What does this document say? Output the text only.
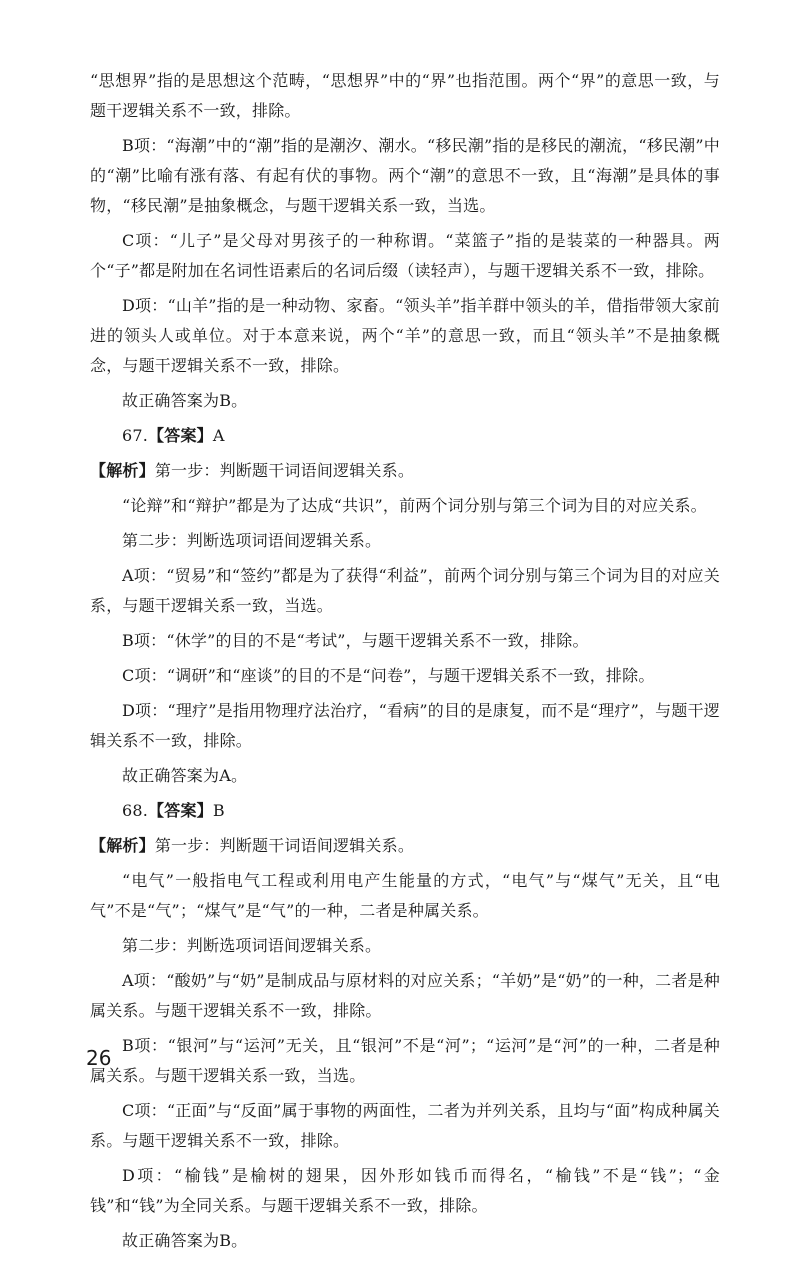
“思想界”指的是思想这个范畴，“思想界”中的“界”也指范围。两个“界”的意思一致，与题干逻辑关系不一致，排除。

B项：“海潮”中的“潮”指的是潮汐、潮水。“移民潮”指的是移民的潮流，“移民潮”中的“潮”比喻有涨有落、有起有伏的事物。两个“潮”的意思不一致，且“海潮”是具体的事物，“移民潮”是抽象概念，与题干逻辑关系一致，当选。

C项：“儿子”是父母对男孩子的一种称谓。“菜篮子”指的是装菜的一种器具。两个“子”都是附加在名词性语素后的名词后缀（读轻声），与题干逻辑关系不一致，排除。

D项：“山羊”指的是一种动物、家畜。“领头羊”指羊群中领头的羊，借指带领大家前进的领头人或单位。对于本意来说，两个“羊”的意思一致，而且“领头羊”不是抽象概念，与题干逻辑关系不一致，排除。

故正确答案为B。

67.【答案】A

【解析】第一步：判断题干词语间逻辑关系。

“论辩”和“辩护”都是为了达成“共识”，前两个词分别与第三个词为目的对应关系。

第二步：判断选项词语间逻辑关系。

A项：“贸易”和“签约”都是为了获得“利益”，前两个词分别与第三个词为目的对应关系，与题干逻辑关系一致，当选。

B项：“休学”的目的不是“考试”，与题干逻辑关系不一致，排除。

C项：“调研”和“座谈”的目的不是“问卷”，与题干逻辑关系不一致，排除。

D项：“理疗”是指用物理疗法治疗，“看病”的目的是康复，而不是“理疗”，与题干逻辑关系不一致，排除。

故正确答案为A。

68.【答案】B

【解析】第一步：判断题干词语间逻辑关系。

“电气”一般指电气工程或利用电产生能量的方式，“电气”与“煤气”无关，且“电气”不是“气”；“煤气”是“气”的一种，二者是种属关系。

第二步：判断选项词语间逻辑关系。

A项：“酸奶”与“奶”是制成品与原材料的对应关系；“羊奶”是“奶”的一种，二者是种属关系。与题干逻辑关系不一致，排除。

B项：“银河”与“运河”无关，且“银河”不是“河”；“运河”是“河”的一种，二者是种属关系。与题干逻辑关系一致，当选。

C项：“正面”与“反面”属于事物的两面性，二者为并列关系，且均与“面”构成种属关系。与题干逻辑关系不一致，排除。

D项：“榆钱”是榆树的翅果，因外形如钱币而得名，“榆钱”不是“钱”；“金钱”和“钱”为全同关系。与题干逻辑关系不一致，排除。

故正确答案为B。

26
